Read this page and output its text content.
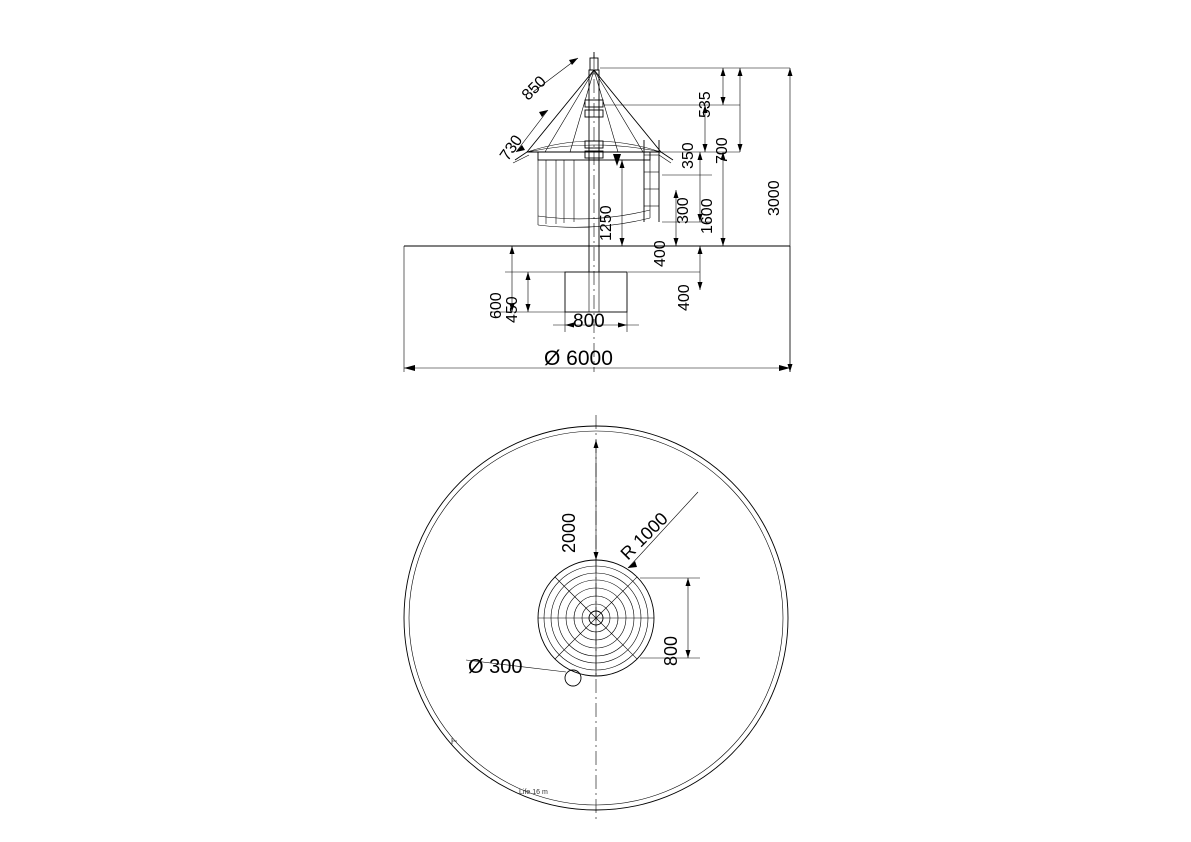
850
730
535
350 700
300	3000
1600
1250
400
400
600 450	800
Ø 6000
2000 R 1000
800
Ø 300
Life 16 m
